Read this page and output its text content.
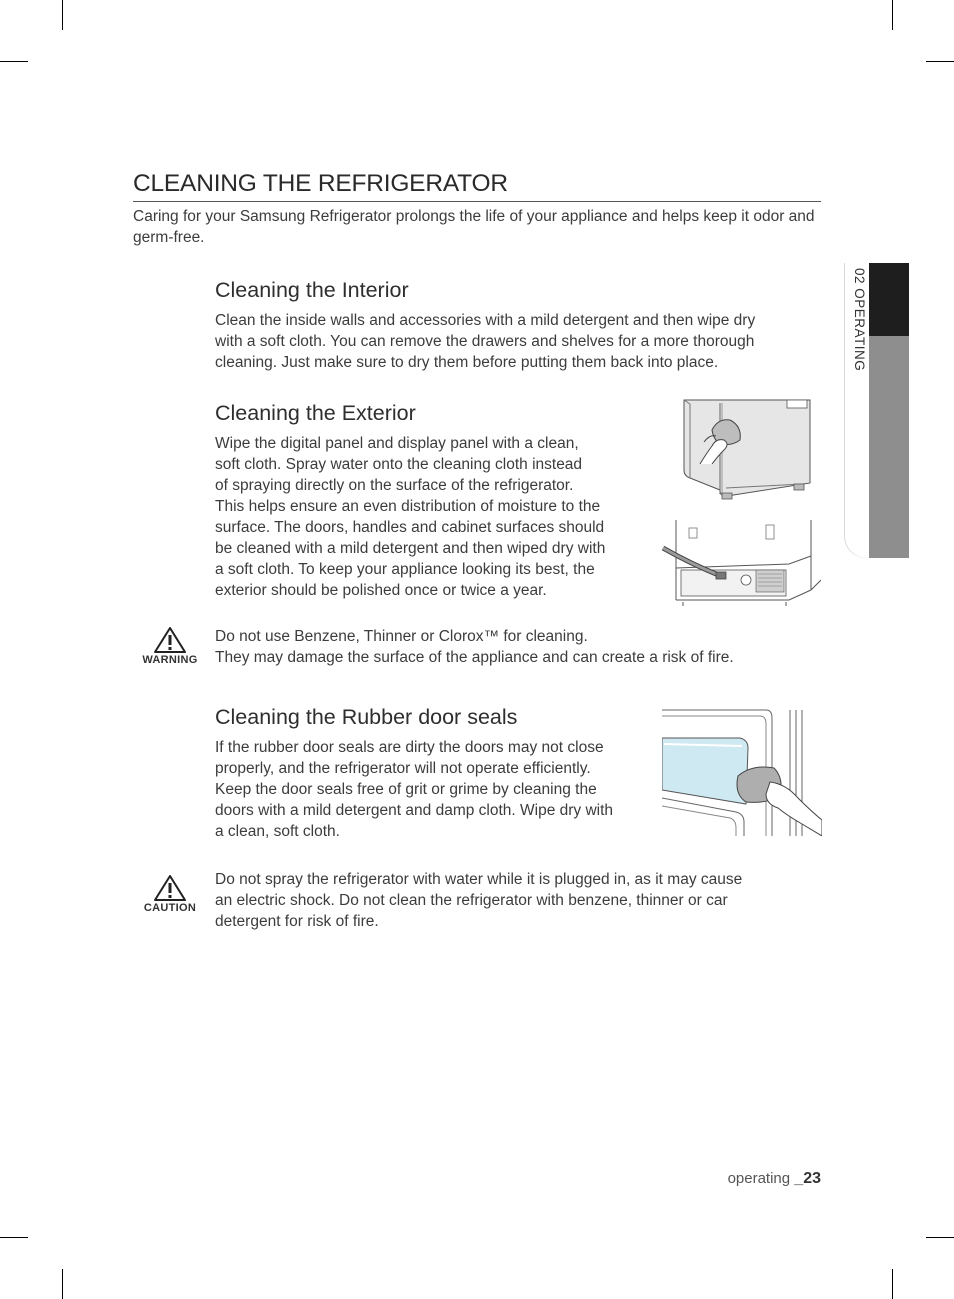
02 OPERATING
CLEANING THE REFRIGERATOR
Caring for your Samsung Refrigerator prolongs the life of your appliance and helps keep it odor and germ-free.
Cleaning the Interior
Clean the inside walls and accessories with a mild detergent and then wipe dry
with a soft cloth. You can remove the drawers and shelves for a more thorough
cleaning. Just make sure to dry them before putting them back into place.
Cleaning the Exterior
Wipe the digital panel and display panel with a clean,
soft cloth. Spray water onto the cleaning cloth instead
of spraying directly on the surface of the refrigerator.
This helps ensure an even distribution of moisture to the
surface. The doors, handles and cabinet surfaces should
be cleaned with a mild detergent and then wiped dry with
a soft cloth. To keep your appliance looking its best, the
exterior should be polished once or twice a year.
WARNING
Do not use Benzene, Thinner or Clorox™ for cleaning.
They may damage the surface of the appliance and can create a risk of fire.
Cleaning the Rubber door seals
If the rubber door seals are dirty the doors may not close
properly, and the refrigerator will not operate efficiently.
Keep the door seals free of grit or grime by cleaning the
doors with a mild detergent and damp cloth. Wipe dry with
a clean, soft cloth.
CAUTION
Do not spray the refrigerator with water while it is plugged in, as it may cause
an electric shock. Do not clean the refrigerator with benzene, thinner or car
detergent for risk of fire.
operating _23
